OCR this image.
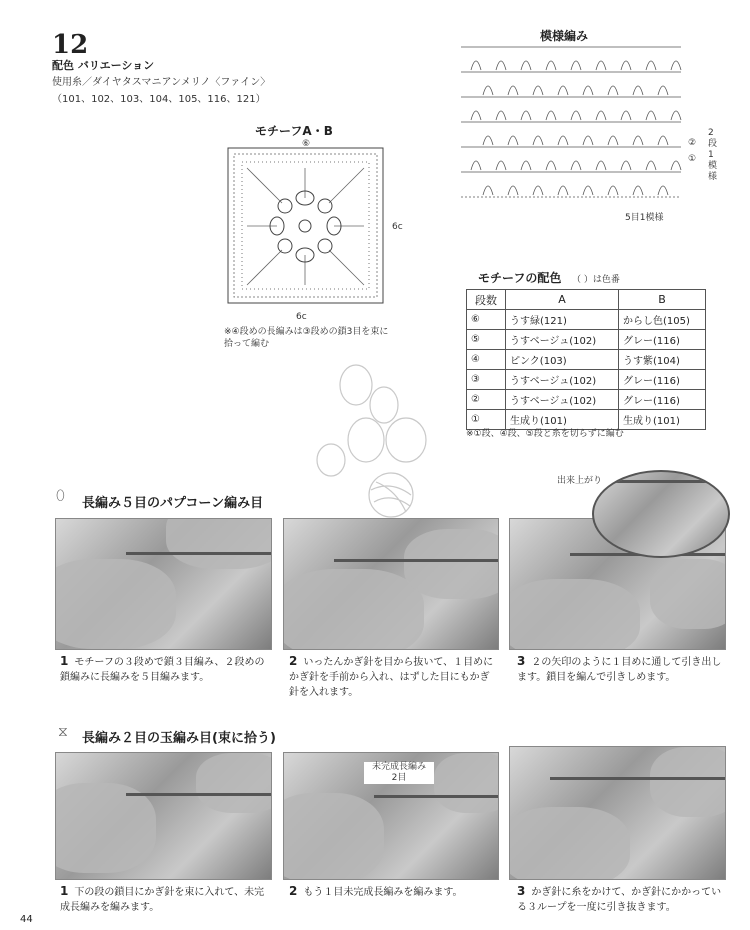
12
配色 バリエーション
使用糸／ダイヤタスマニアンメリノ〈ファイン〉
（101、102、103、104、105、116、121）
モチーフA・B
⑥
6c
6c
※④段めの長編みは③段めの鎖3目を束に拾って編む
模様編み
②
①
2段1模様
5目1模様
モチーフの配色 （ ）は色番
段数	A	B
⑥	うす緑(121)	からし色(105)
⑤	うすベージュ(102)	グレー(116)
④	ピンク(103)	うす紫(104)
③	うすベージュ(102)	グレー(116)
②	うすベージュ(102)	グレー(116)
①	生成り(101)	生成り(101)
※①段、④段、⑤段と糸を切らずに編む
⬯ 長編み５目のパプコーン編み目
出来上がり
1 モチーフの３段めで鎖３目編み、２段めの鎖編みに長編みを５目編みます。
2 いったんかぎ針を目から抜いて、１目めにかぎ針を手前から入れ、はずした目にもかぎ針を入れます。
3 ２の矢印のように１目めに通して引き出します。鎖目を編んで引きしめます。
⧖ 長編み２目の玉編み目(束に拾う)
未完成長編み
2目
1 下の段の鎖目にかぎ針を束に入れて、未完成長編みを編みます。
2 もう１目未完成長編みを編みます。	3 かぎ針に糸をかけて、かぎ針にかかっている３ループを一度に引き抜きます。
44
